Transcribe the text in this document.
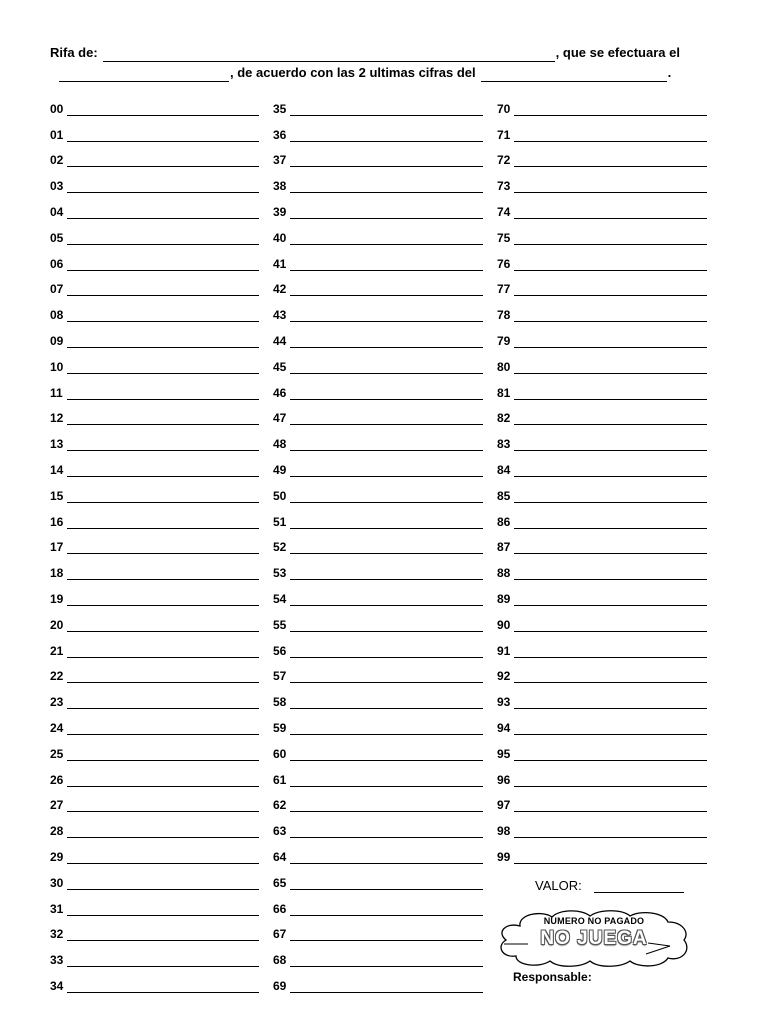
Rifa de:	, que se efectuara el
, de acuerdo con las 2 ultimas cifras del	.
00
01
02
03
04
05
06
07
08
09
10
11
12
13
14
15
16
17
18
19
20
21
22
23
24
25
26
27
28
29
30
31
32
33
34
35
36
37
38
39
40
41
42
43
44
45
46
47
48
49
50
51
52
53
54
55
56
57
58
59
60
61
62
63
64
65
66
67
68
69
70
71
72
73
74
75
76
77
78
79
80
81
82
83
84
85
86
87
88
89
90
91
92
93
94
95
96
97
98
99
VALOR:
NUMERO NO PAGADO
NO JUEGA
Responsable:
